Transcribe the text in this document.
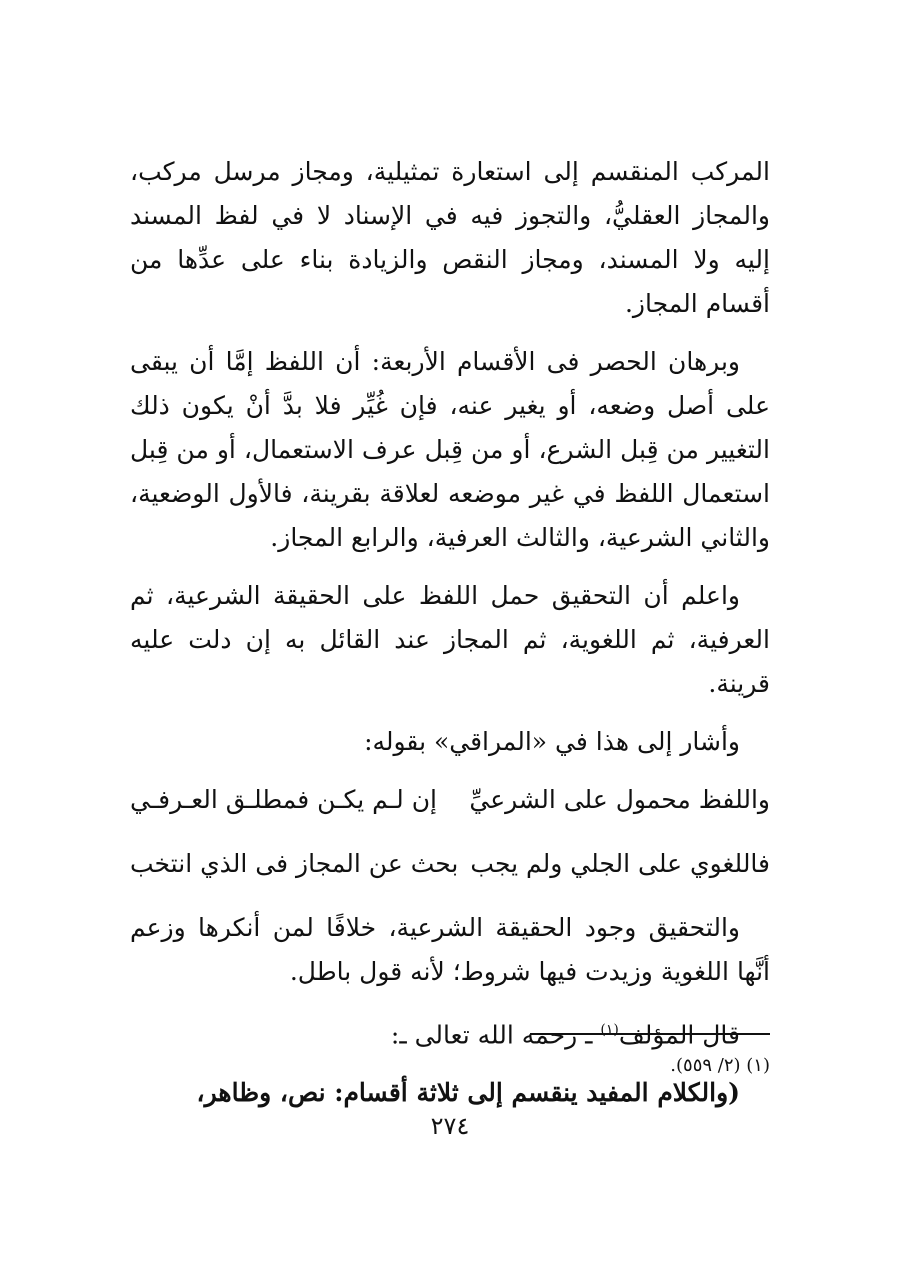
المركب المنقسم إلى استعارة تمثيلية، ومجاز مرسل مركب، والمجاز العقليُّ، والتجوز فيه في الإسناد لا في لفظ المسند إليه ولا المسند، ومجاز النقص والزيادة بناء على عدِّها من أقسام المجاز.

وبرهان الحصر فى الأقسام الأربعة: أن اللفظ إمَّا أن يبقى على أصل وضعه، أو يغير عنه، فإن غُيِّر فلا بدَّ أنْ يكون ذلك التغيير من قِبل الشرع، أو من قِبل عرف الاستعمال، أو من قِبل استعمال اللفظ في غير موضعه لعلاقة بقرينة، فالأول الوضعية، والثاني الشرعية، والثالث العرفية، والرابع المجاز.

واعلم أن التحقيق حمل اللفظ على الحقيقة الشرعية، ثم العرفية، ثم اللغوية، ثم المجاز عند القائل به إن دلت عليه قرينة.

وأشار إلى هذا في «المراقي» بقوله:

واللفظ محمول على الشرعيِّ
إن لـم يكـن فمطلـق العـرفـي
فاللغوي على الجلي ولم يجب
بحث عن المجاز فى الذي انتخب

والتحقيق وجود الحقيقة الشرعية، خلافًا لمن أنكرها وزعم أنَّها اللغوية وزيدت فيها شروط؛ لأنه قول باطل.

قال المؤلف$^{(١)}$ ـ رحمه الله تعالى ـ:

(والكلام المفيد ينقسم إلى ثلاثة أقسام: نص، وظاهر،

(١) (٢/ ٥٥٩).
٢٧٤
